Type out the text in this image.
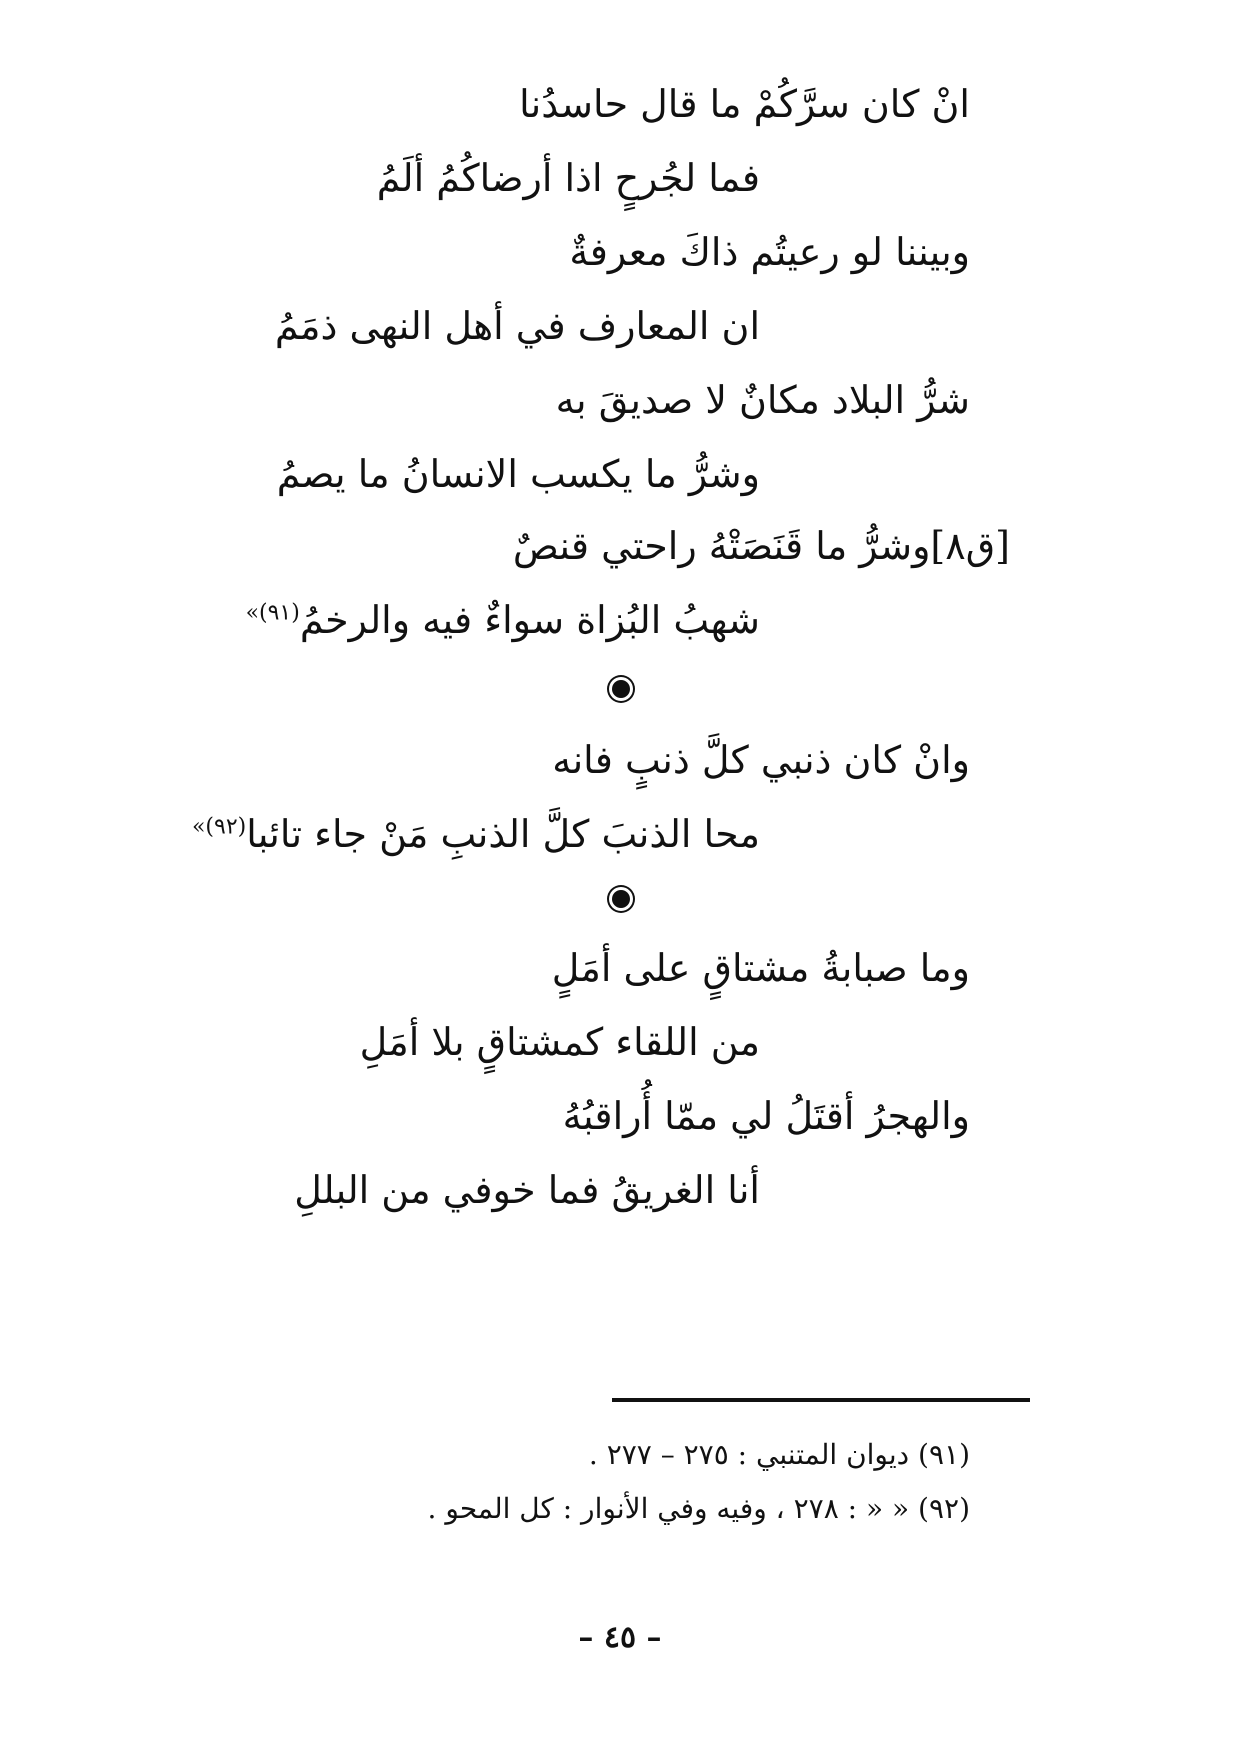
انْ كان سرَّكُمْ ما قال حاسدُنا
فما لجُرحٍ اذا أرضاكُمُ ألَمُ
وبيننا لو رعيتُم ذاكَ معرفةٌ
ان المعارف في أهل النهى ذمَمُ
شرُّ البلاد مكانٌ لا صديقَ به
وشرُّ ما يكسب الانسانُ ما يصمُ
[ق٨]وشرُّ ما قَنَصَتْهُ راحتي قنصٌ
شهبُ البُزاة سواءٌ فيه والرخمُ$^{(٩١)»}$
وانْ كان ذنبي كلَّ ذنبٍ فانه
محا الذنبَ كلَّ الذنبِ مَنْ جاء تائبا$^{(٩٢)»}$
وما صبابةُ مشتاقٍ على أمَلٍ
من اللقاء كمشتاقٍ بلا أمَلِ
والهجرُ أقتَلُ لي ممّا أُراقبُهُ
أنا الغريقُ فما خوفي من البللِ
(٩١) ديوان المتنبي : ٢٧٥ – ٢٧٧ .
(٩٢) « « : ٢٧٨ ، وفيه وفي الأنوار : كل المحو .
– ٤٥ –
